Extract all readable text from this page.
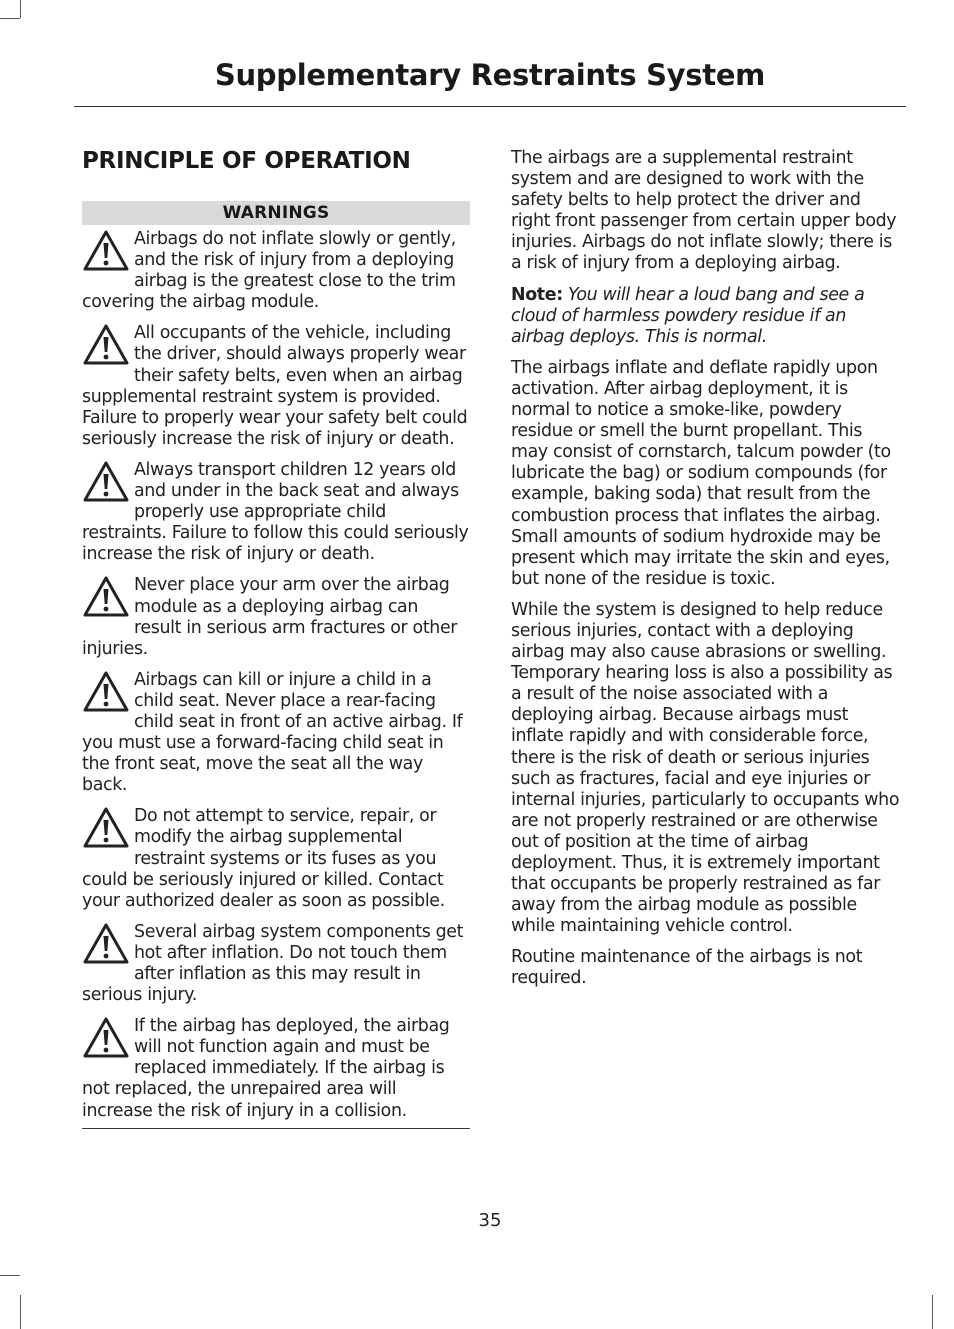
Supplementary Restraints System
PRINCIPLE OF OPERATION
WARNINGS
Airbags do not inflate slowly or gently, and the risk of injury from a deploying airbag is the greatest close to the trim covering the airbag module.
All occupants of the vehicle, including the driver, should always properly wear their safety belts, even when an airbag supplemental restraint system is provided. Failure to properly wear your safety belt could seriously increase the risk of injury or death.
Always transport children 12 years old and under in the back seat and always properly use appropriate child restraints. Failure to follow this could seriously increase the risk of injury or death.
Never place your arm over the airbag module as a deploying airbag can result in serious arm fractures or other injuries.
Airbags can kill or injure a child in a child seat. Never place a rear-facing child seat in front of an active airbag. If you must use a forward-facing child seat in the front seat, move the seat all the way back.
Do not attempt to service, repair, or modify the airbag supplemental restraint systems or its fuses as you could be seriously injured or killed. Contact your authorized dealer as soon as possible.
Several airbag system components get hot after inflation. Do not touch them after inflation as this may result in serious injury.
If the airbag has deployed, the airbag will not function again and must be replaced immediately. If the airbag is not replaced, the unrepaired area will increase the risk of injury in a collision.

The airbags are a supplemental restraint system and are designed to work with the safety belts to help protect the driver and right front passenger from certain upper body injuries. Airbags do not inflate slowly; there is a risk of injury from a deploying airbag.

Note: You will hear a loud bang and see a cloud of harmless powdery residue if an airbag deploys. This is normal.

The airbags inflate and deflate rapidly upon activation. After airbag deployment, it is normal to notice a smoke-like, powdery residue or smell the burnt propellant. This may consist of cornstarch, talcum powder (to lubricate the bag) or sodium compounds (for example, baking soda) that result from the combustion process that inflates the airbag. Small amounts of sodium hydroxide may be present which may irritate the skin and eyes, but none of the residue is toxic.

While the system is designed to help reduce serious injuries, contact with a deploying airbag may also cause abrasions or swelling. Temporary hearing loss is also a possibility as a result of the noise associated with a deploying airbag. Because airbags must inflate rapidly and with considerable force, there is the risk of death or serious injuries such as fractures, facial and eye injuries or internal injuries, particularly to occupants who are not properly restrained or are otherwise out of position at the time of airbag deployment. Thus, it is extremely important that occupants be properly restrained as far away from the airbag module as possible while maintaining vehicle control.

Routine maintenance of the airbags is not required.

35
